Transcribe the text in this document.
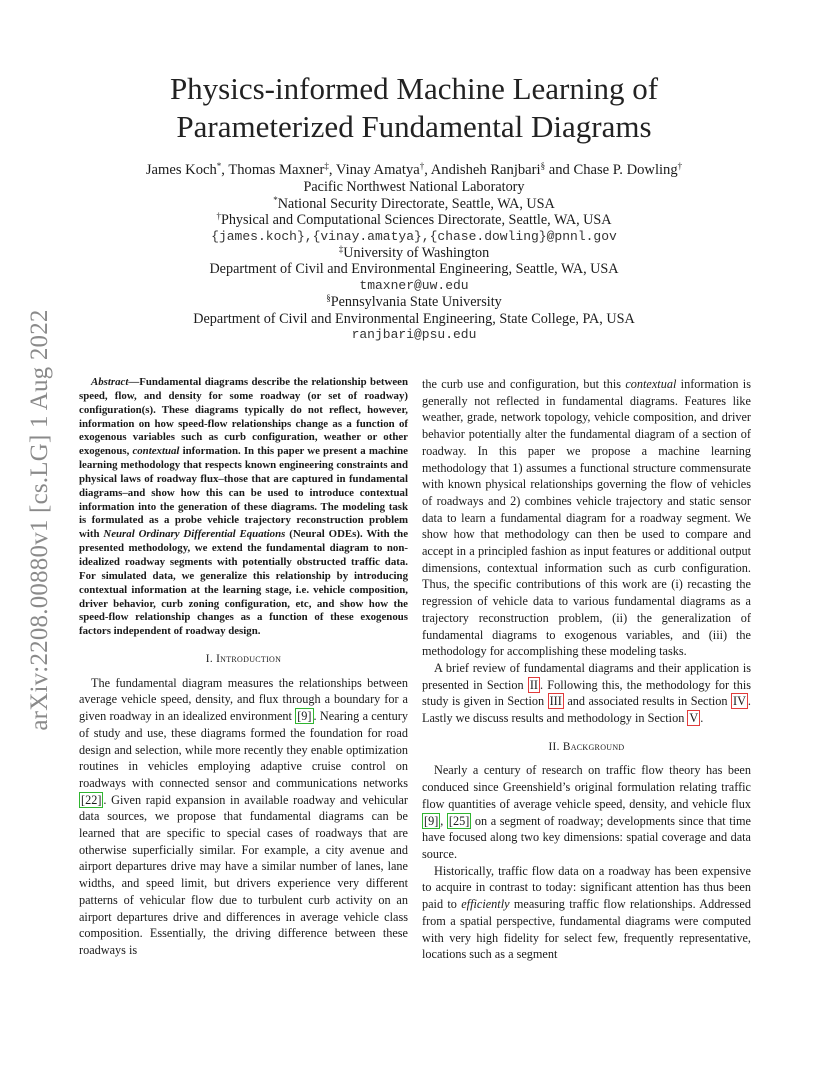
arXiv:2208.00880v1 [cs.LG] 1 Aug 2022
Physics-informed Machine Learning of
Parameterized Fundamental Diagrams
James Koch*, Thomas Maxner‡, Vinay Amatya†, Andisheh Ranjbari§ and Chase P. Dowling†
Pacific Northwest National Laboratory
*National Security Directorate, Seattle, WA, USA
†Physical and Computational Sciences Directorate, Seattle, WA, USA
{james.koch},{vinay.amatya},{chase.dowling}@pnnl.gov
‡University of Washington
Department of Civil and Environmental Engineering, Seattle, WA, USA
tmaxner@uw.edu
§Pennsylvania State University
Department of Civil and Environmental Engineering, State College, PA, USA
ranjbari@psu.edu

Abstract—Fundamental diagrams describe the relationship between speed, flow, and density for some roadway (or set of roadway) configuration(s). These diagrams typically do not reflect, however, information on how speed-flow relationships change as a function of exogenous variables such as curb configuration, weather or other exogenous, contextual information. In this paper we present a machine learning methodology that respects known engineering constraints and physical laws of roadway flux–those that are captured in fundamental diagrams–and show how this can be used to introduce contextual information into the generation of these diagrams. The modeling task is formulated as a probe vehicle trajectory reconstruction problem with Neural Ordinary Differential Equations (Neural ODEs). With the presented methodology, we extend the fundamental diagram to non-idealized roadway segments with potentially obstructed traffic data. For simulated data, we generalize this relationship by introducing contextual information at the learning stage, i.e. vehicle composition, driver behavior, curb zoning configuration, etc, and show how the speed-flow relationship changes as a function of these exogenous factors independent of roadway design.

I. Introduction

The fundamental diagram measures the relationships between average vehicle speed, density, and flux through a boundary for a given roadway in an idealized environment [9] . Nearing a century of study and use, these diagrams formed the foundation for road design and selection, while more recently they enable optimization routines in vehicles employing adaptive cruise control on roadways with connected sensor and communications networks [22] . Given rapid expansion in available roadway and vehicular data sources, we propose that fundamental diagrams can be learned that are specific to special cases of roadways that are otherwise superficially similar. For example, a city avenue and airport departures drive may have a similar number of lanes, lane widths, and speed limit, but drivers experience very different patterns of vehicular flow due to turbulent curb activity on an airport departures drive and differences in average vehicle class composition. Essentially, the driving difference between these roadways is

the curb use and configuration, but this contextual information is generally not reflected in fundamental diagrams. Features like weather, grade, network topology, vehicle composition, and driver behavior potentially alter the fundamental diagram of a section of roadway. In this paper we propose a machine learning methodology that 1) assumes a functional structure commensurate with known physical relationships governing the flow of vehicles of roadways and 2) combines vehicle trajectory and static sensor data to learn a fundamental diagram for a roadway segment. We show how that methodology can then be used to compare and accept in a principled fashion as input features or additional output dimensions, contextual information such as curb configuration. Thus, the specific contributions of this work are (i) recasting the regression of vehicle data to various fundamental diagrams as a trajectory reconstruction problem, (ii) the generalization of fundamental diagrams to exogenous variables, and (iii) the methodology for accomplishing these modeling tasks.

A brief review of fundamental diagrams and their application is presented in Section II . Following this, the methodology for this study is given in Section III and associated results in Section IV . Lastly we discuss results and methodology in Section V .

II. Background

Nearly a century of research on traffic flow theory has been conduced since Greenshield’s original formulation relating traffic flow quantities of average vehicle speed, density, and vehicle flux [9] , [25] on a segment of roadway; developments since that time have focused along two key dimensions: spatial coverage and data source.

Historically, traffic flow data on a roadway has been expensive to acquire in contrast to today: significant attention has thus been paid to efficiently measuring traffic flow relationships. Addressed from a spatial perspective, fundamental diagrams were computed with very high fidelity for select few, frequently representative, locations such as a segment
